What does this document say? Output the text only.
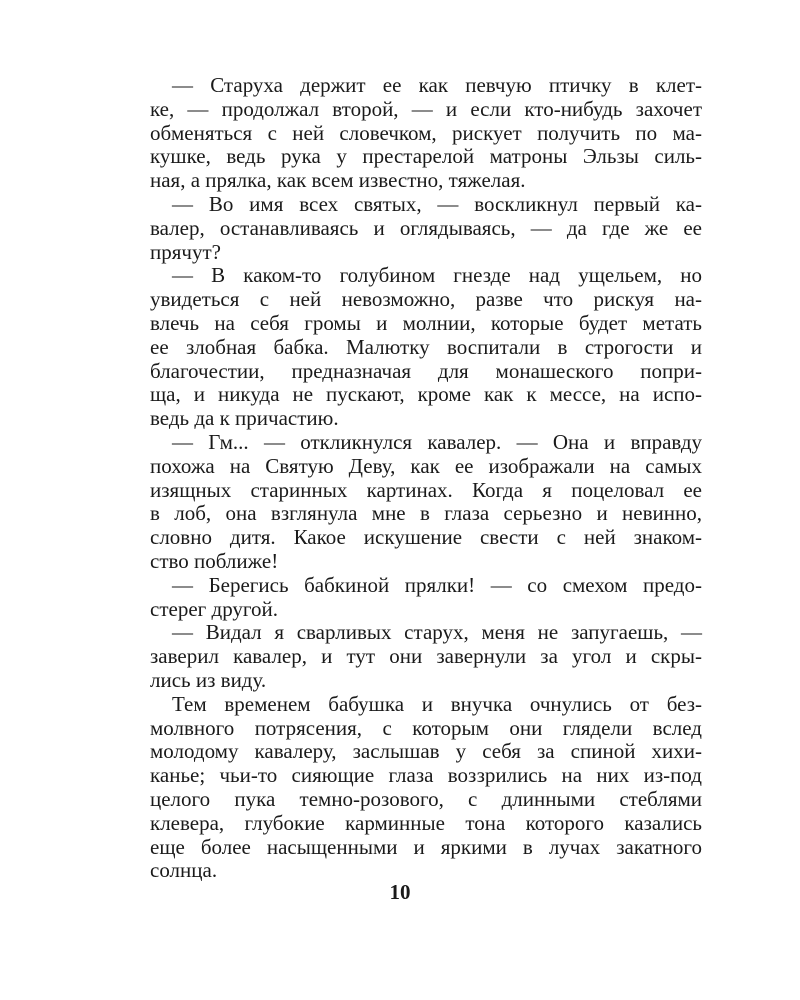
— Старуха держит ее как певчую птичку в клет-
ке, — продолжал второй, — и если кто-нибудь захочет
обменяться с ней словечком, рискует получить по ма-
кушке, ведь рука у престарелой матроны Эльзы силь-
ная, а прялка, как всем известно, тяжелая.
— Во имя всех святых, — воскликнул первый ка-
валер, останавливаясь и оглядываясь, — да где же ее
прячут?
— В каком-то голубином гнезде над ущельем, но
увидеться с ней невозможно, разве что рискуя на-
влечь на себя громы и молнии, которые будет метать
ее злобная бабка. Малютку воспитали в строгости и
благочестии, предназначая для монашеского попри-
ща, и никуда не пускают, кроме как к мессе, на испо-
ведь да к причастию.
— Гм... — откликнулся кавалер. — Она и вправду
похожа на Святую Деву, как ее изображали на самых
изящных старинных картинах. Когда я поцеловал ее
в лоб, она взглянула мне в глаза серьезно и невинно,
словно дитя. Какое искушение свести с ней знаком-
ство поближе!
— Берегись бабкиной прялки! — со смехом предо-
стерег другой.
— Видал я сварливых старух, меня не запугаешь, —
заверил кавалер, и тут они завернули за угол и скры-
лись из виду.
Тем временем бабушка и внучка очнулись от без-
молвного потрясения, с которым они глядели вслед
молодому кавалеру, заслышав у себя за спиной хихи-
канье; чьи-то сияющие глаза воззрились на них из-под
целого пука темно-розового, с длинными стеблями
клевера, глубокие карминные тона которого казались
еще более насыщенными и яркими в лучах закатного
солнца.
10
